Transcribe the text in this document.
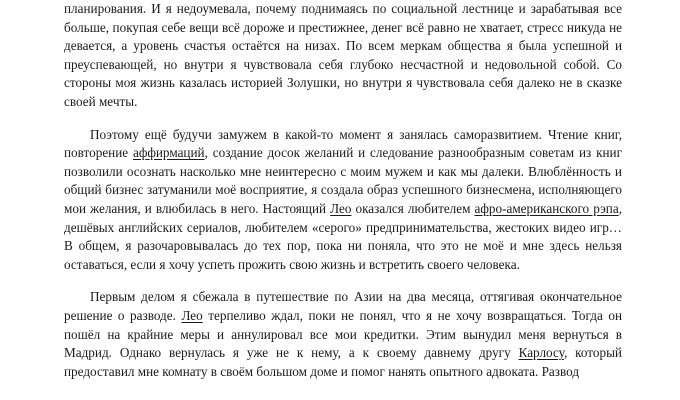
планирования. И я недоумевала, почему поднимаясь по социальной лестнице и зарабатывая все больше, покупая себе вещи всё дороже и престижнее, денег всё равно не хватает, стресс никуда не девается, а уровень счастья остаётся на низах. По всем меркам общества я была успешной и преуспевающей, но внутри я чувствовала себя глубоко несчастной и недовольной собой. Со стороны моя жизнь казалась историей Золушки, но внутри я чувствовала себя далеко не в сказке своей мечты.

Поэтому ещё будучи замужем в какой-то момент я занялась саморазвитием. Чтение книг, повторение аффирмаций, создание досок желаний и следование разнообразным советам из книг позволили осознать насколько мне неинтересно с моим мужем и как мы далеки. Влюблённость и общий бизнес затуманили моё восприятие, я создала образ успешного бизнесмена, исполняющего мои желания, и влюбилась в него. Настоящий Лео оказался любителем афро-американского рэпа, дешёвых английских сериалов, любителем «серого» предпринимательства, жестоких видео игр… В общем, я разочаровывалась до тех пор, пока ни поняла, что это не моё и мне здесь нельзя оставаться, если я хочу успеть прожить свою жизнь и встретить своего человека.

Первым делом я сбежала в путешествие по Азии на два месяца, оттягивая окончательное решение о разводе. Лео терпеливо ждал, поки не понял, что я не хочу возвращаться. Тогда он пошёл на крайние меры и аннулировал все мои кредитки. Этим вынудил меня вернуться в Мадрид. Однако вернулась я уже не к нему, а к своему давнему другу Карлосу, который предоставил мне комнату в своём большом доме и помог нанять опытного адвоката. Развод
